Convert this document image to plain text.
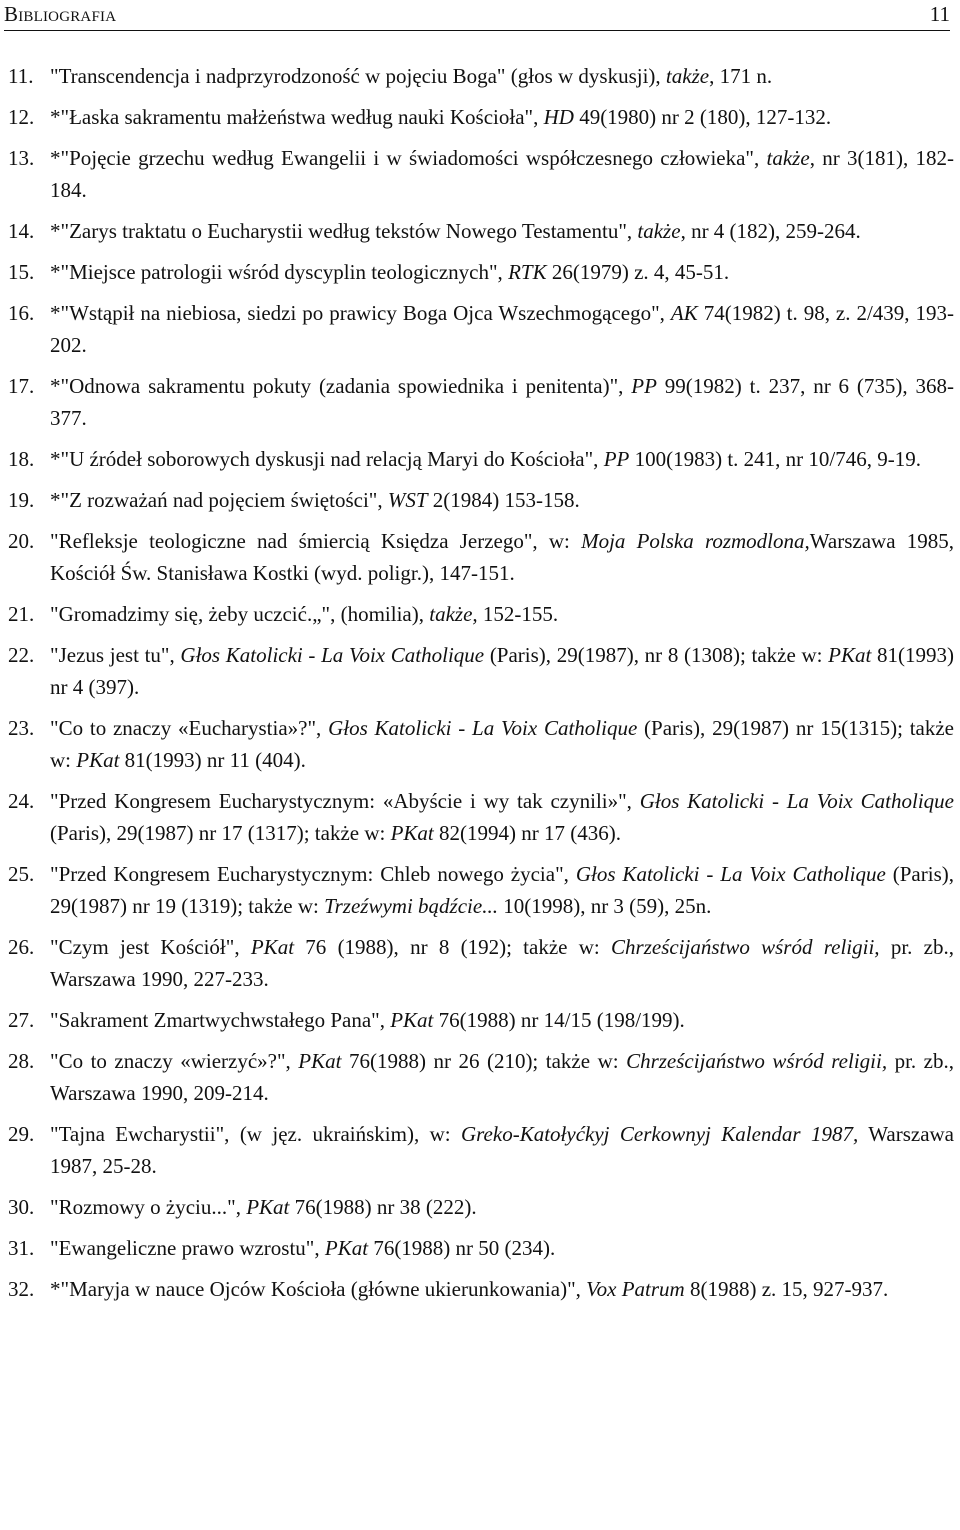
Bibliografia	11
11. "Transcendencja i nadprzyrodzoność w pojęciu Boga" (głos w dyskusji), także, 171 n.
12. *"Łaska sakramentu małżeństwa według nauki Kościoła", HD 49(1980) nr 2 (180), 127-132.
13. *"Pojęcie grzechu według Ewangelii i w świadomości współczesnego człowieka", także, nr 3(181), 182-184.
14. *"Zarys traktatu o Eucharystii według tekstów Nowego Testamentu", także, nr 4 (182), 259-264.
15. *"Miejsce patrologii wśród dyscyplin teologicznych", RTK 26(1979) z. 4, 45-51.
16. *"Wstąpił na niebiosa, siedzi po prawicy Boga Ojca Wszechmogącego", AK 74(1982) t. 98, z. 2/439, 193-202.
17. *"Odnowa sakramentu pokuty (zadania spowiednika i penitenta)", PP 99(1982) t. 237, nr 6 (735), 368-377.
18. *"U źródeł soborowych dyskusji nad relacją Maryi do Kościoła", PP 100(1983) t. 241, nr 10/746, 9-19.
19. *"Z rozważań nad pojęciem świętości", WST 2(1984) 153-158.
20. "Refleksje teologiczne nad śmiercią Księdza Jerzego", w: Moja Polska rozmodlona,Warszawa 1985, Kościół Św. Stanisława Kostki (wyd. poligr.), 147-151.
21. "Gromadzimy się, żeby uczcić.„", (homilia), także, 152-155.
22. "Jezus jest tu", Głos Katolicki - La Voix Catholique (Paris), 29(1987), nr 8 (1308); także w: PKat 81(1993) nr 4 (397).
23. "Co to znaczy «Eucharystia»?", Głos Katolicki - La Voix Catholique (Paris), 29(1987) nr 15(1315); także w: PKat 81(1993) nr 11 (404).
24. "Przed Kongresem Eucharystycznym: «Abyście i wy tak czynili»", Głos Katolicki - La Voix Catholique (Paris), 29(1987) nr 17 (1317); także w: PKat 82(1994) nr 17 (436).
25. "Przed Kongresem Eucharystycznym: Chleb nowego życia", Głos Katolicki - La Voix Catholique (Paris), 29(1987) nr 19 (1319); także w: Trzeźwymi bądźcie... 10(1998), nr 3 (59), 25n.
26. "Czym jest Kościół", PKat 76 (1988), nr 8 (192); także w: Chrześcijaństwo wśród religii, pr. zb., Warszawa 1990, 227-233.
27. "Sakrament Zmartwychwstałego Pana", PKat 76(1988) nr 14/15 (198/199).
28. "Co to znaczy «wierzyć»?", PKat 76(1988) nr 26 (210); także w: Chrześcijaństwo wśród religii, pr. zb., Warszawa 1990, 209-214.
29. "Tajna Ewcharystii", (w jęz. ukraińskim), w: Greko-Katołyćkyj Cerkownyj Kalendar 1987, Warszawa 1987, 25-28.
30. "Rozmowy o życiu...", PKat 76(1988) nr 38 (222).
31. "Ewangeliczne prawo wzrostu", PKat 76(1988) nr 50 (234).
32. *"Maryja w nauce Ojców Kościoła (główne ukierunkowania)", Vox Patrum 8(1988) z. 15, 927-937.
